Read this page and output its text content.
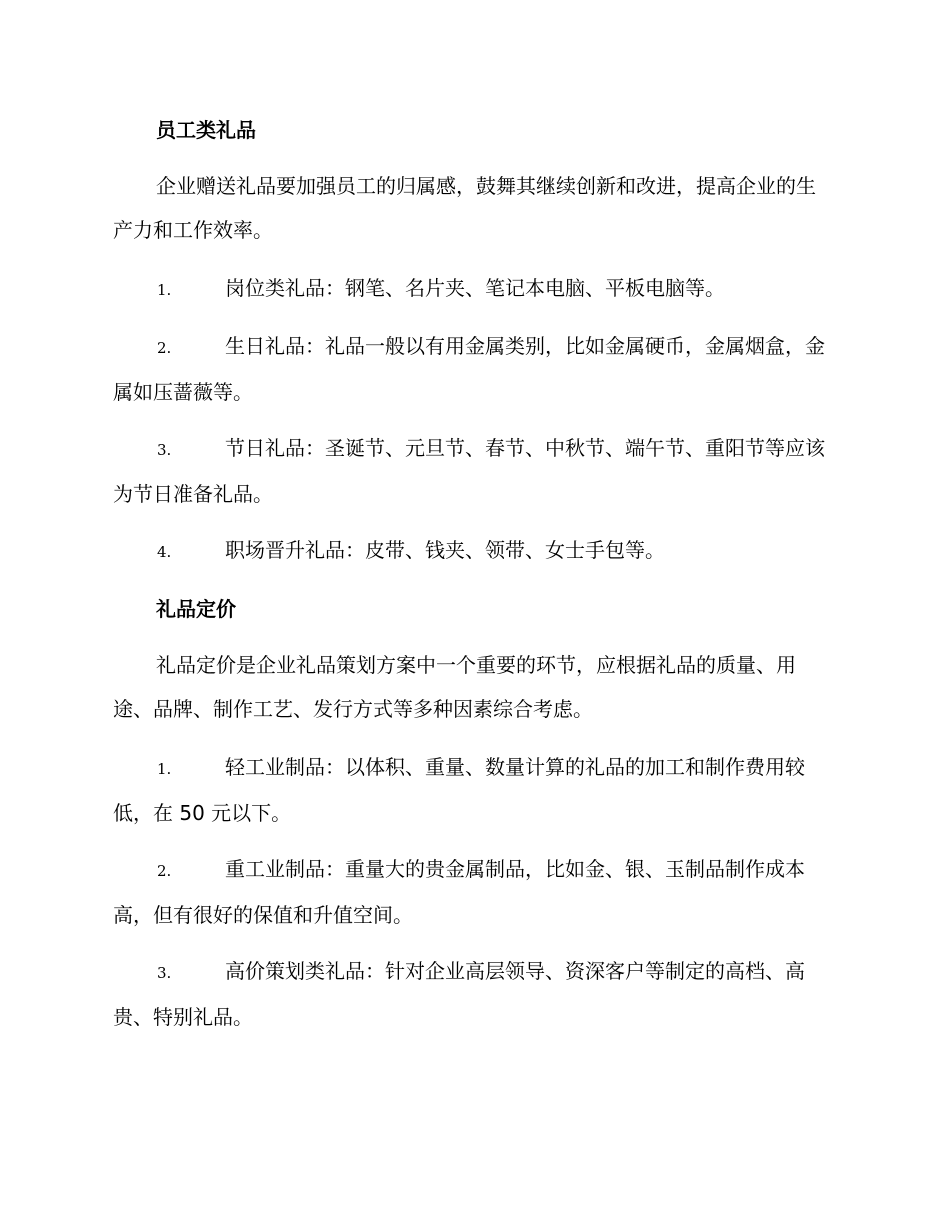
员工类礼品

企业赠送礼品要加强员工的归属感，鼓舞其继续创新和改进，提高企业的生产力和工作效率。

1.	岗位类礼品：钢笔、名片夹、笔记本电脑、平板电脑等。

2.	生日礼品：礼品一般以有用金属类别，比如金属硬币，金属烟盒，金属如压蔷薇等。

3.	节日礼品：圣诞节、元旦节、春节、中秋节、端午节、重阳节等应该为节日准备礼品。

4.	职场晋升礼品：皮带、钱夹、领带、女士手包等。

礼品定价

礼品定价是企业礼品策划方案中一个重要的环节，应根据礼品的质量、用途、品牌、制作工艺、发行方式等多种因素综合考虑。

1.	轻工业制品：以体积、重量、数量计算的礼品的加工和制作费用较低，在 50 元以下。

2.	重工业制品：重量大的贵金属制品，比如金、银、玉制品制作成本高，但有很好的保值和升值空间。

3.	高价策划类礼品：针对企业高层领导、资深客户等制定的高档、高贵、特别礼品。
